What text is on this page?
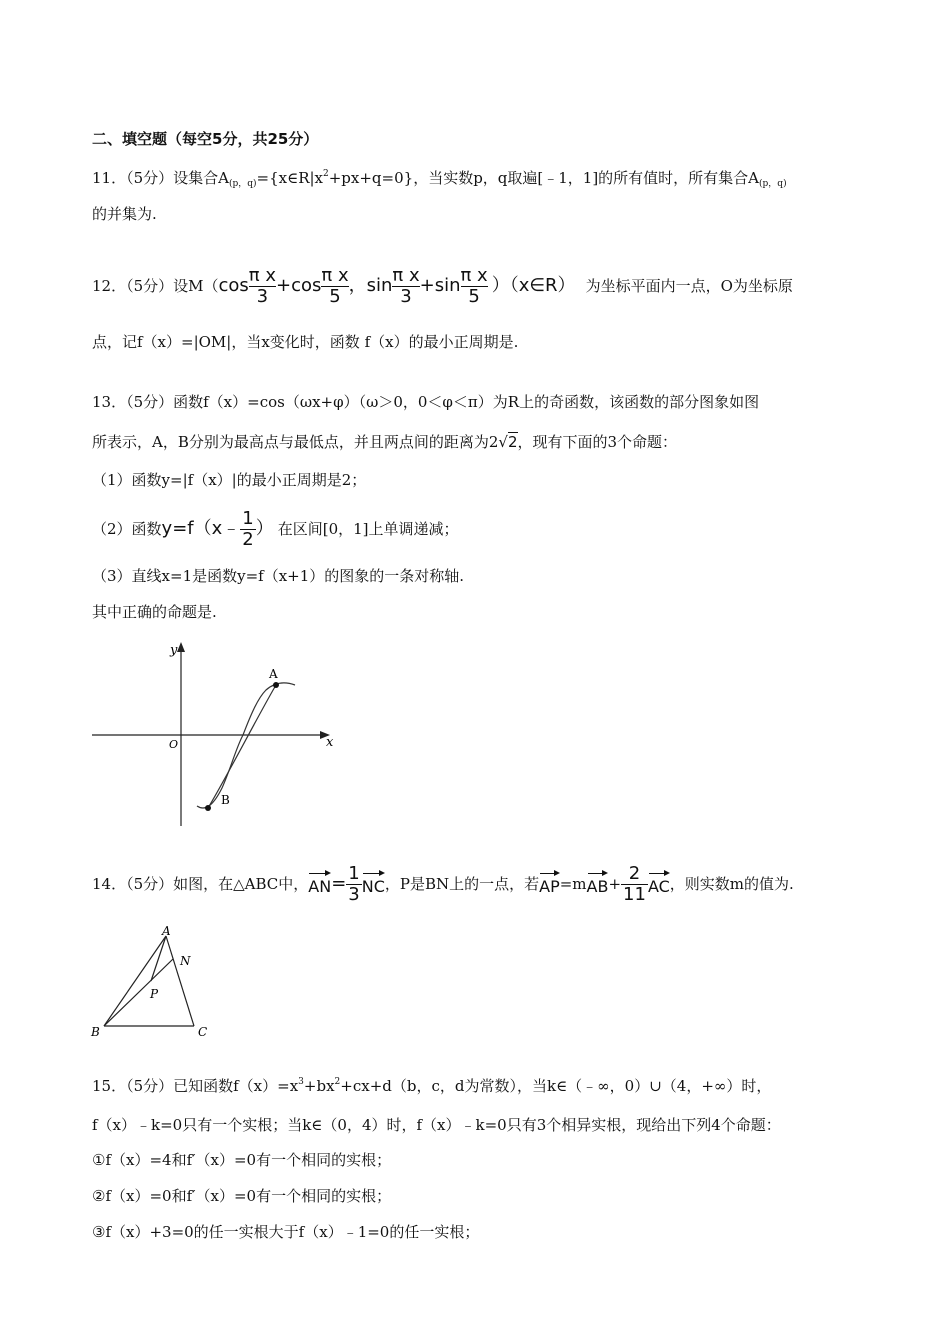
二、填空题（每空5分，共25分）
11．（5分）设集合$A_{(p,q)}=\{x\in R|x^2+px+q=0\}$，当实数p，q取遍[﹣1，1]的所有值时，所有集合$A_{(p,q)}$
的并集为.
12．（5分）设M（ $\cos \frac{\text{π x}}{3} +\cos \frac{\text{π x}}{5}$ ，$\sin \frac{\text{π x}}{3} +\sin \frac{\text{π x}}{5}$ ）（x∈R） 为坐标平面内一点，O为坐标原
点，记f（x）=|OM|，当x变化时，函数 f（x）的最小正周期是.
13．（5分）函数f（x）=cos（ωx+φ）（ω＞0，0＜φ＜π）为R上的奇函数，该函数的部分图象如图
所表示，A，B分别为最高点与最低点，并且两点间的距离为2√2，现有下面的3个命题：
（1）函数y=|f（x）|的最小正周期是2；
（2）函数 y=f（x﹣ $\frac{1}{2}$ ） 在区间[0，1]上单调递减；
（3）直线x=1是函数y=f（x+1）的图象的一条对称轴.
其中正确的命题是.
y
x
O
A
B
14．（5分）如图，在△ABC中， AN = $\frac{1}{3}$ NC ，P是BN上的一点，若 AP =m AB + $\frac{2}{11}$ AC ，则实数m的值为.
A
B	C
N
P
15．（5分）已知函数$f(x)=x^3+bx^2+cx+d(b$，c，d为常数），当k∈（﹣∞，0）∪（4，+∞）时，
f（x）﹣k=0只有一个实根；当k∈（0，4）时，f（x）﹣k=0只有3个相异实根，现给出下列4个命题：
①f（x）=4和f′（x）=0有一个相同的实根；
②f（x）=0和f′（x）=0有一个相同的实根；
③f（x）+3=0的任一实根大于f（x）﹣1=0的任一实根；
